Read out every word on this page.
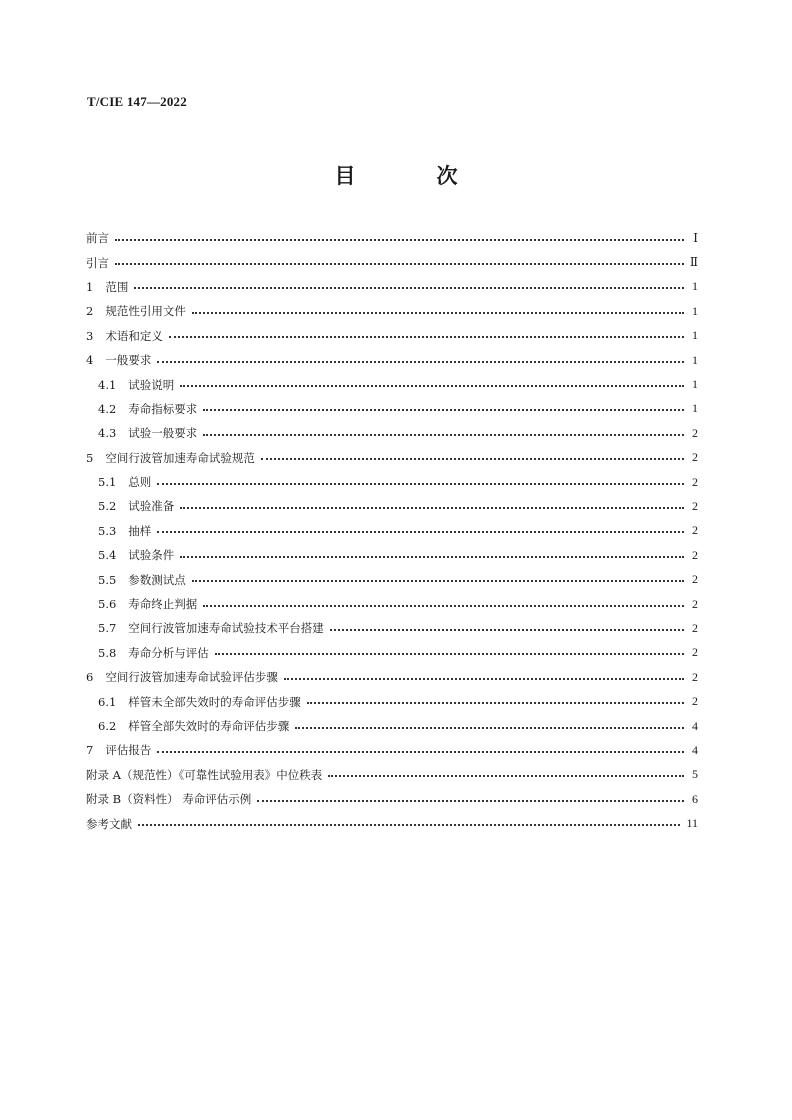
T/CIE 147—2022
目　次
前言	Ⅰ
引言	Ⅱ
1 范围	1
2 规范性引用文件	1
3 术语和定义	1
4 一般要求	1
4.1 试验说明	1
4.2 寿命指标要求	1
4.3 试验一般要求	2
5 空间行波管加速寿命试验规范	2
5.1 总则	2
5.2 试验准备	2
5.3 抽样	2
5.4 试验条件	2
5.5 参数测试点	2
5.6 寿命终止判据	2
5.7 空间行波管加速寿命试验技术平台搭建	2
5.8 寿命分析与评估	2
6 空间行波管加速寿命试验评估步骤	2
6.1 样管未全部失效时的寿命评估步骤	2
6.2 样管全部失效时的寿命评估步骤	4
7 评估报告	4
附录 A（规范性）《可靠性试验用表》中位秩表	5
附录 B（资料性） 寿命评估示例	6
参考文献	11
